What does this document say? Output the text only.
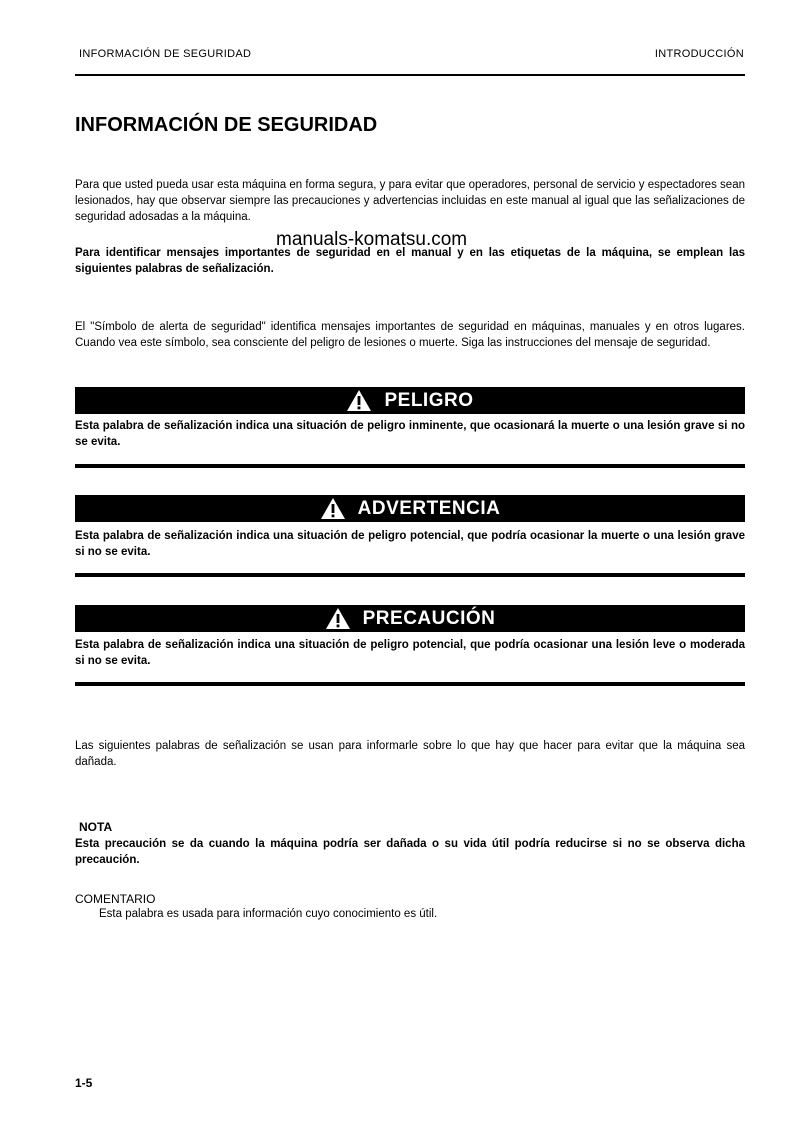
INFORMACIÓN DE SEGURIDAD	INTRODUCCIÓN
INFORMACIÓN DE SEGURIDAD
Para que usted pueda usar esta máquina en forma segura, y para evitar que operadores, personal de servicio y espectadores sean lesionados, hay que observar siempre las precauciones y advertencias incluidas en este manual al igual que las señalizaciones de seguridad adosadas a la máquina.
Para identificar mensajes importantes de seguridad en el manual y en las etiquetas de la máquina, se emplean las siguientes palabras de señalización.
manuals-komatsu.com
El "Símbolo de alerta de seguridad" identifica mensajes importantes de seguridad en máquinas, manuales y en otros lugares. Cuando vea este símbolo, sea consciente del peligro de lesiones o muerte. Siga las instrucciones del mensaje de seguridad.
PELIGRO
Esta palabra de señalización indica una situación de peligro inminente, que ocasionará la muerte o una lesión grave si no se evita.
ADVERTENCIA
Esta palabra de señalización indica una situación de peligro potencial, que podría ocasionar la muerte o una lesión grave si no se evita.
PRECAUCIÓN
Esta palabra de señalización indica una situación de peligro potencial, que podría ocasionar una lesión leve o moderada si no se evita.
Las siguientes palabras de señalización se usan para informarle sobre lo que hay que hacer para evitar que la máquina sea dañada.
NOTA
Esta precaución se da cuando la máquina podría ser dañada o su vida útil podría reducirse si no se observa dicha precaución.
COMENTARIO
Esta palabra es usada para información cuyo conocimiento es útil.
1-5
